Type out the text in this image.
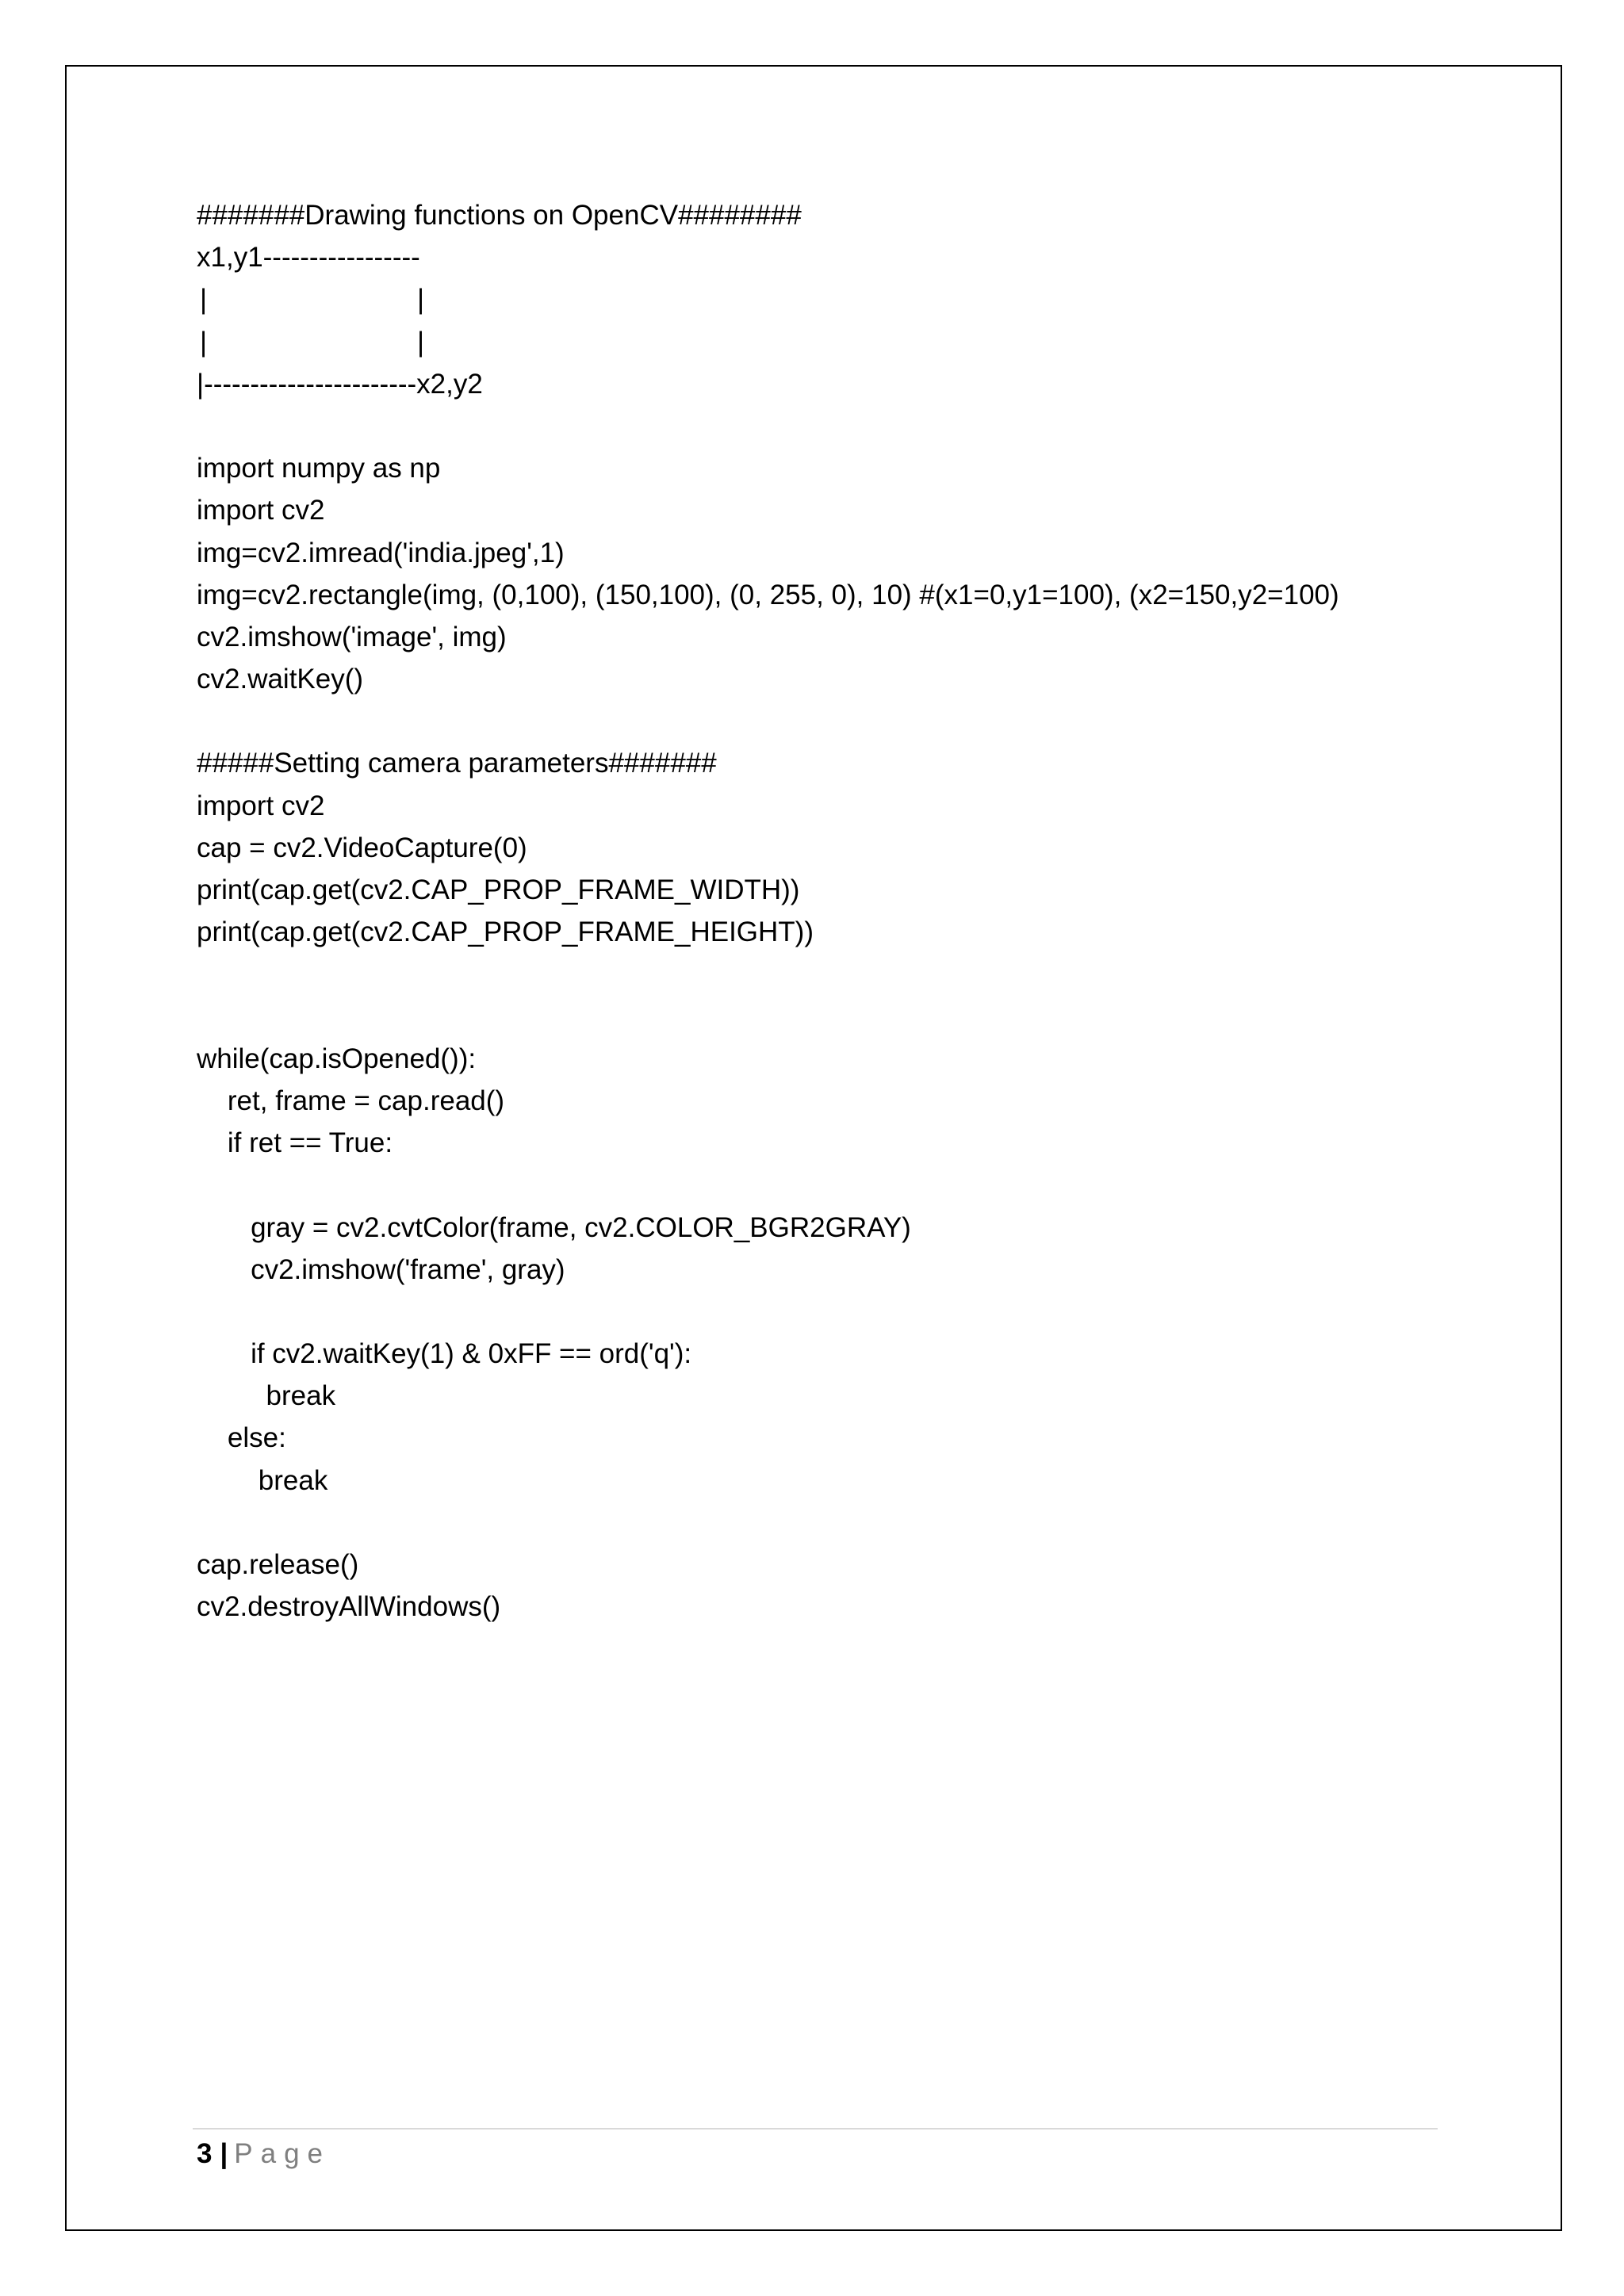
#######Drawing functions on OpenCV########
x1,y1-----------------
|	|
|	|
|-----------------------x2,y2
import numpy as np
import cv2
img=cv2.imread('india.jpeg',1)
img=cv2.rectangle(img, (0,100), (150,100), (0, 255, 0), 10) #(x1=0,y1=100), (x2=150,y2=100)
cv2.imshow('image', img)
cv2.waitKey()
#####Setting camera parameters#######
import cv2
cap = cv2.VideoCapture(0)
print(cap.get(cv2.CAP_PROP_FRAME_WIDTH))
print(cap.get(cv2.CAP_PROP_FRAME_HEIGHT))
while(cap.isOpened()):
ret, frame = cap.read()
if ret == True:
gray = cv2.cvtColor(frame, cv2.COLOR_BGR2GRAY)
cv2.imshow('frame', gray)
if cv2.waitKey(1) & 0xFF == ord('q'):
break
else:
break
cap.release()
cv2.destroyAllWindows()
3 | Page
